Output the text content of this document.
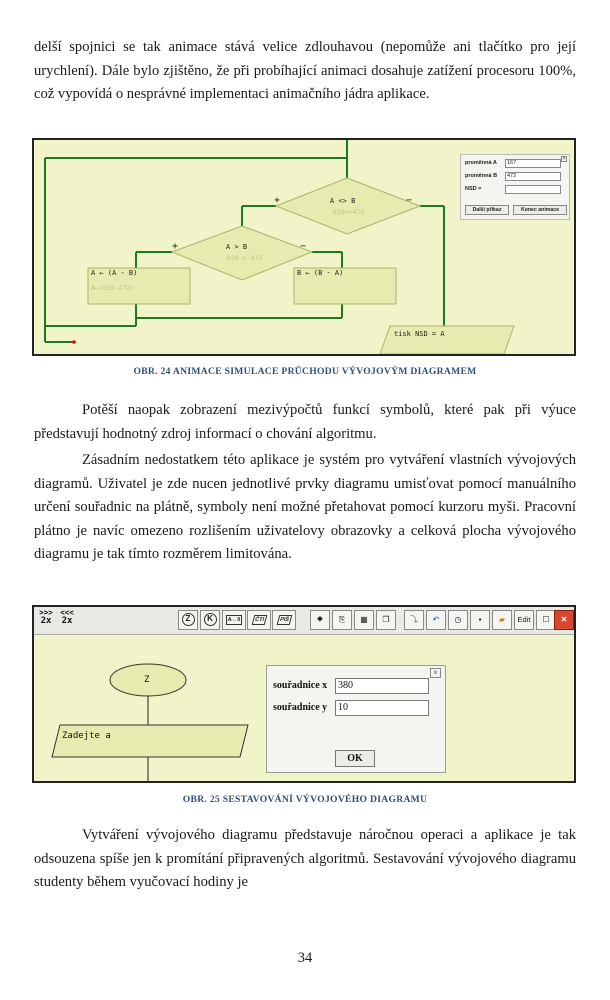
delší spojnici se tak animace stává velice zdlouhavou (nepomůže ani tlačítko pro její urychlení). Dále bylo zjištěno, že při probíhající animaci dosahuje zatížení procesoru 100%, což vypovídá o nesprávné implementaci animačního jádra aplikace.

A <> B
639<>472
+	−
A > B
639 > 472
+	−
A ← (A - B)
A←(639-472)
B ← (B - A)
tisk NSD = A
×
proměnná A	167
proměnná B	472
NSD =
Další příkaz	Konec animace
OBR. 24 ANIMACE SIMULACE PRŮCHODU VÝVOJOVÝM DIAGRAMEM

Potěší naopak zobrazení mezivýpočtů funkcí symbolů, které pak při výuce představují hodnotný zdroj informací o chování algoritmu.

Zásadním nedostatkem této aplikace je systém pro vytváření vlastních vývojových diagramů. Uživatel je zde nucen jednotlivé prvky diagramu umisťovat pomocí manuálního určení souřadnic na plátně, symboly není možné přetahovat pomocí kurzoru myši. Pracovní plátno je navíc omezeno rozlišením uživatelovy obrazovky a celková plocha vývojového diagramu je tak tímto rozměrem limitována.

>>>
2x
<<<
2x	Z	K	A←0	ČTI	PIŠ	⯁	⎘	▦	❐	⤵	↶	◷	▪	▰	Edit	☐	✕
Z
Zadejte a
×
souřadnice x	380
souřadnice y	10
OK
OBR. 25 SESTAVOVÁNÍ VÝVOJOVÉHO DIAGRAMU

Vytváření vývojového diagramu představuje náročnou operaci a aplikace je tak odsouzena spíše jen k promítání připravených algoritmů. Sestavování vývojového diagramu studenty během vyučovací hodiny je

34
